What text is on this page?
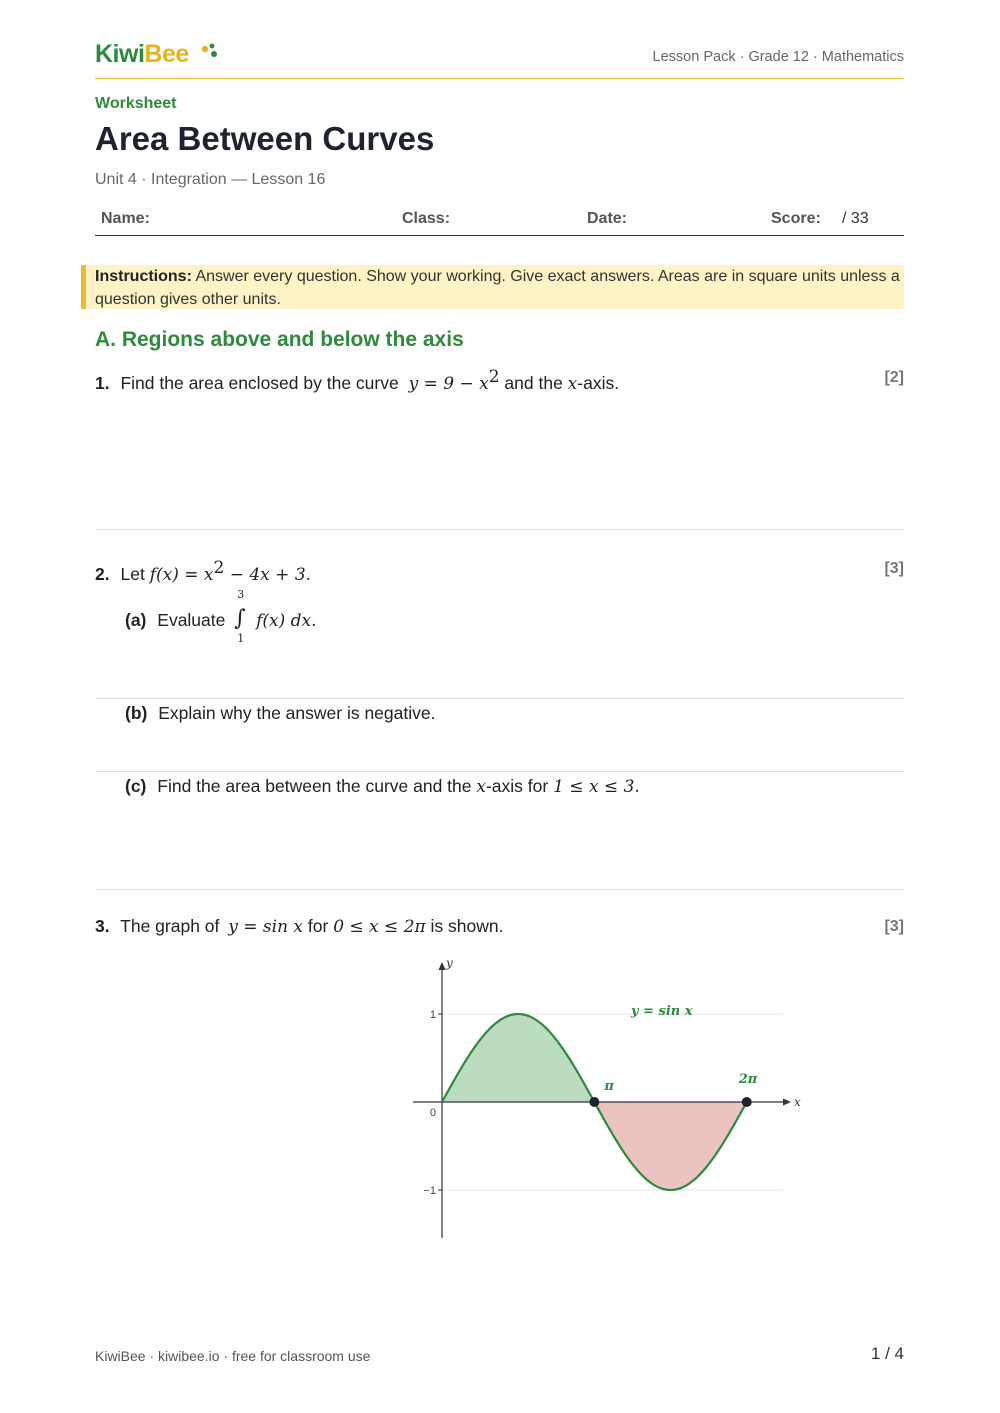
KiwiBee	Lesson Pack · Grade 12 · Mathematics
Worksheet
Area Between Curves
Unit 4 · Integration — Lesson 16
Name:	Class:	Date:	Score: / 33
Instructions: Answer every question. Show your working. Give exact answers. Areas are in square units unless a question gives other units.
A. Regions above and below the axis
1. Find the area enclosed by the curve $y = 9 - x^2$ and the x-axis.	[2]
2. Let $f(x) = x^2 - 4x + 3$.	[3]
(a) Evaluate ∫
3
1
f(x) dx.
(b) Explain why the answer is negative.
(c) Find the area between the curve and the x-axis for 1 ≤ x ≤ 3.
3. The graph of y = sin x for 0 ≤ x ≤ 2π is shown.	[3]
x
y
1
0
−1
y = sin x
π	2π
KiwiBee · kiwibee.io · free for classroom use	1 / 4
